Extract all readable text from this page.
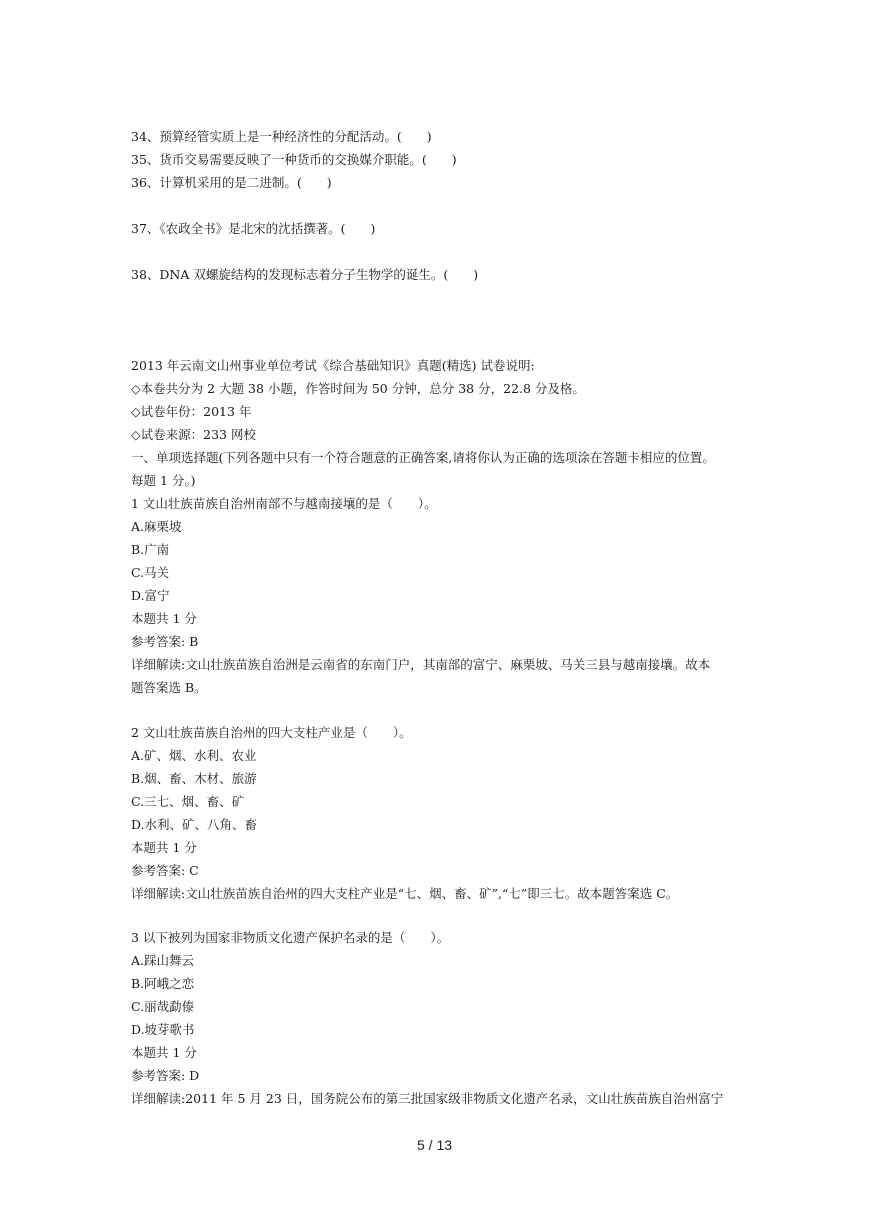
34、预算经管实质上是一种经济性的分配活动。(　　)
35、货币交易需要反映了一种货币的交换媒介职能。(　　)
36、计算机采用的是二进制。(　　)
37、《农政全书》是北宋的沈括撰著。(　　)
38、DNA 双螺旋结构的发现标志着分子生物学的诞生。(　　)
2013 年云南文山州事业单位考试《综合基础知识》真题(精选) 试卷说明:
◇本卷共分为 2 大题 38 小题，作答时间为 50 分钟，总分 38 分，22.8 分及格。
◇试卷年份：2013 年
◇试卷来源：233 网校
一、单项选择题(下列各题中只有一个符合题意的正确答案,请将你认为正确的选项涂在答题卡相应的位置。
每题 1 分。)
1 文山壮族苗族自治州南部不与越南接壤的是（　　）。
A.麻栗坡
B.广南
C.马关
D.富宁
本题共 1 分
参考答案: B
详细解读:文山壮族苗族自治洲是云南省的东南门户，其南部的富宁、麻栗坡、马关三县与越南接壤。故本
题答案选 B。
2 文山壮族苗族自治州的四大支柱产业是（　　）。
A.矿、烟、水利、农业
B.烟、畜、木材、旅游
C.三七、烟、畜、矿
D.水利、矿、八角、畜
本题共 1 分
参考答案: C
详细解读:文山壮族苗族自治州的四大支柱产业是“七、烟、畜、矿”,“七”即三七。故本题答案选 C。
3 以下被列为国家非物质文化遗产保护名录的是（　　）。
A.踩山舞云
B.阿峨之恋
C.丽哉勐傣
D.坡芽歌书
本题共 1 分
参考答案: D
详细解读:2011 年 5 月 23 日，国务院公布的第三批国家级非物质文化遗产名录，文山壮族苗族自治州富宁
5 / 13
